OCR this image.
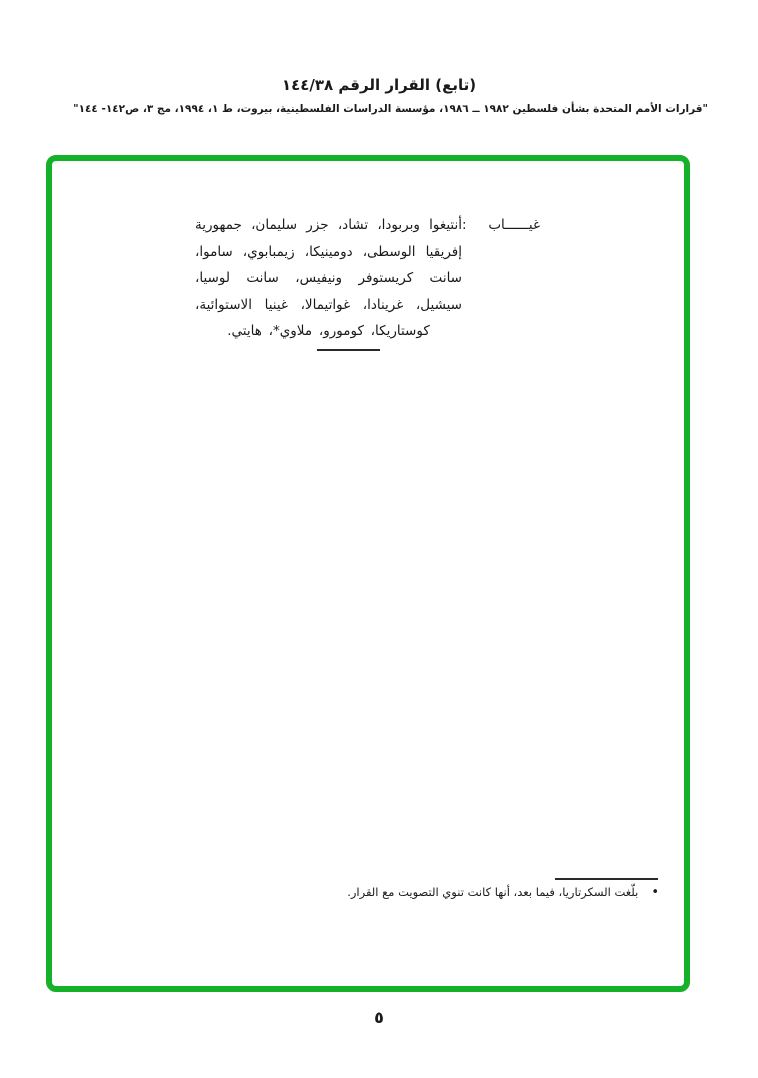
(تابع) القرار الرقم ٣٨‏/‏١٤٤
"قرارات الأمم المتحدة بشأن فلسطين ١٩٨٢ ــ ١٩٨٦، مؤسسة الدراسات الفلسطينية، بيروت، ط ١، ١٩٩٤، مج ٣، ص١٤٢- ١٤٤"
غيــــــاب
:
أنتيغوا وبربودا، تشاد، جزر سليمان، جمهورية إفريقيا الوسطى، دومينيكا، زيمبابوي، ساموا، سانت كريستوفر ونيفيس، سانت لوسيا، سيشيل، غرينادا، غواتيمالا، غينيا الاستوائية، كوستاريكا، كومورو، ملاوي*، هايتي.
•
بلّغت السكرتاريا، فيما بعد، أنها كانت تنوي التصويت مع القرار.
٥
